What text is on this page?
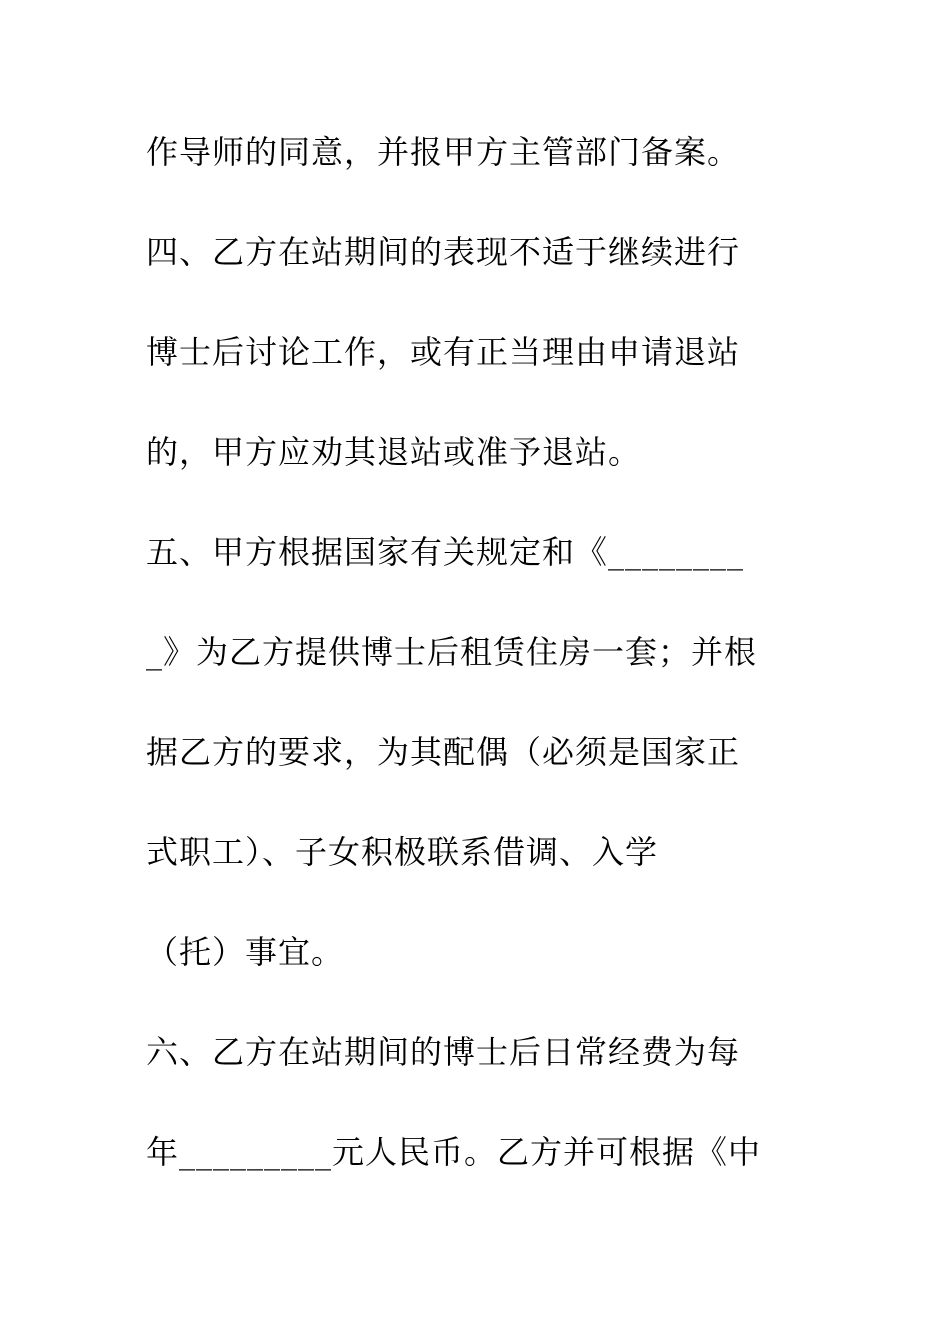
作导师的同意，并报甲方主管部门备案。
四、乙方在站期间的表现不适于继续进行
博士后讨论工作，或有正当理由申请退站
的，甲方应劝其退站或准予退站。
五、甲方根据国家有关规定和《________
_》为乙方提供博士后租赁住房一套；并根
据乙方的要求，为其配偶（必须是国家正
式职工）、子女积极联系借调、入学
（托）事宜。
六、乙方在站期间的博士后日常经费为每
年_________元人民币。乙方并可根据《中
